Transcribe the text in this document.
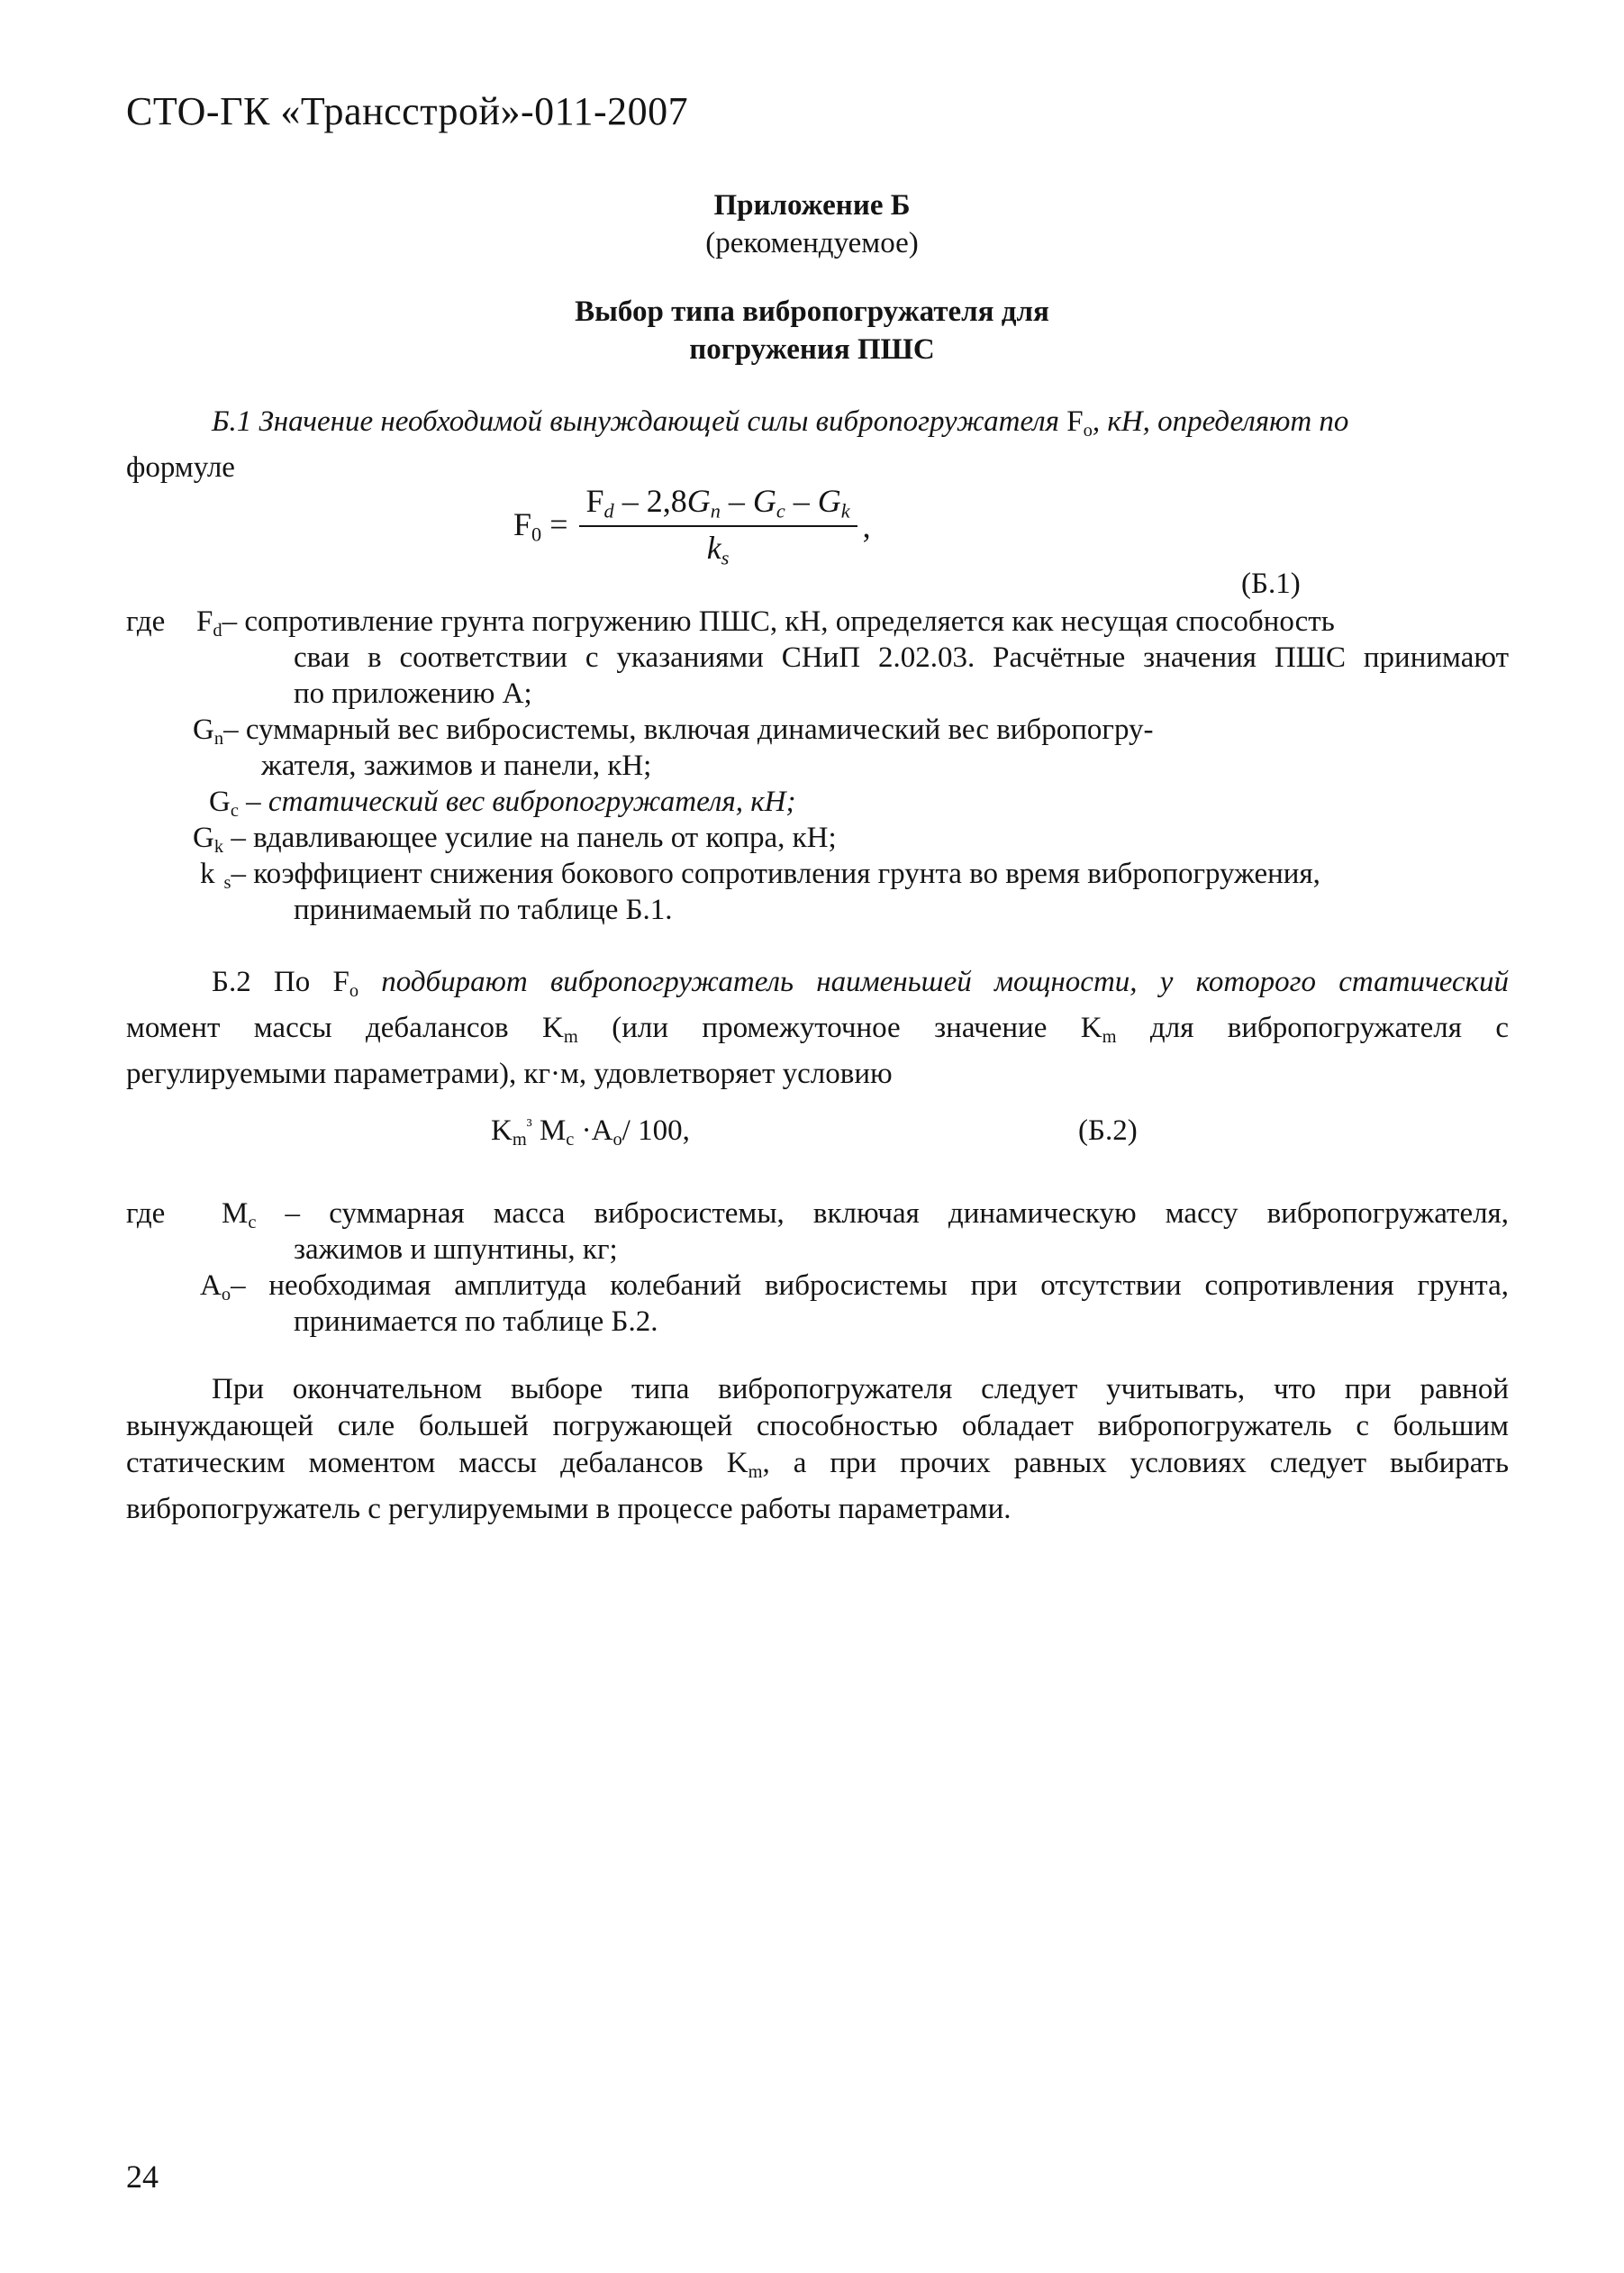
СТО-ГК «Трансстрой»-011-2007
Приложение Б
(рекомендуемое)
Выбор типа вибропогружателя для
погружения ПШС
Б.1 Значение необходимой вынуждающей силы вибропогружателя $F_о$, кН, определяют по
формуле
$F_0 = \frac{F_d - 2,8G_n - G_c - G_k}{k_s}$ ,
(Б.1)
где $F_d-$ сопротивление грунта погружению ПШС, кН, определяется как несущая способность
сваи в соответствии с указаниями СНиП 2.02.03. Расчётные значения ПШС принимают
по приложению А;
$G_n-$ суммарный вес вибросистемы, включая динамический вес вибропогру-
жателя, зажимов и панели, кН;
$G_c$ – статический вес вибропогружателя, кН;
$G_k$ – вдавливающее усилие на панель от копра, кН;
k $_s$– коэффициент снижения бокового сопротивления грунта во время вибропогружения,
принимаемый по таблице Б.1.
Б.2 По $F_о$ подбирают вибропогружатель наименьшей мощности, у которого статический
момент массы дебалансов $K_m$ (или промежуточное значение $K_m$ для вибропогружателя с
регулируемыми параметрами), кг·м, удовлетворяет условию
$K_m^{^3}$ $M_c \cdot A_o/$ 100,	(Б.2)
где $M_c$ – суммарная масса вибросистемы, включая динамическую массу вибропогружателя,
зажимов и шпунтины, кг;
$A_o-$ необходимая амплитуда колебаний вибросистемы при отсутствии сопротивления грунта,
принимается по таблице Б.2.
При окончательном выборе типа вибропогружателя следует учитывать, что при равной вынуждающей силе большей погружающей способностью обладает вибропогружатель с большим статическим моментом массы дебалансов $K_m$, а при прочих равных условиях следует выбирать вибропогружатель с регулируемыми в процессе работы параметрами.
24
